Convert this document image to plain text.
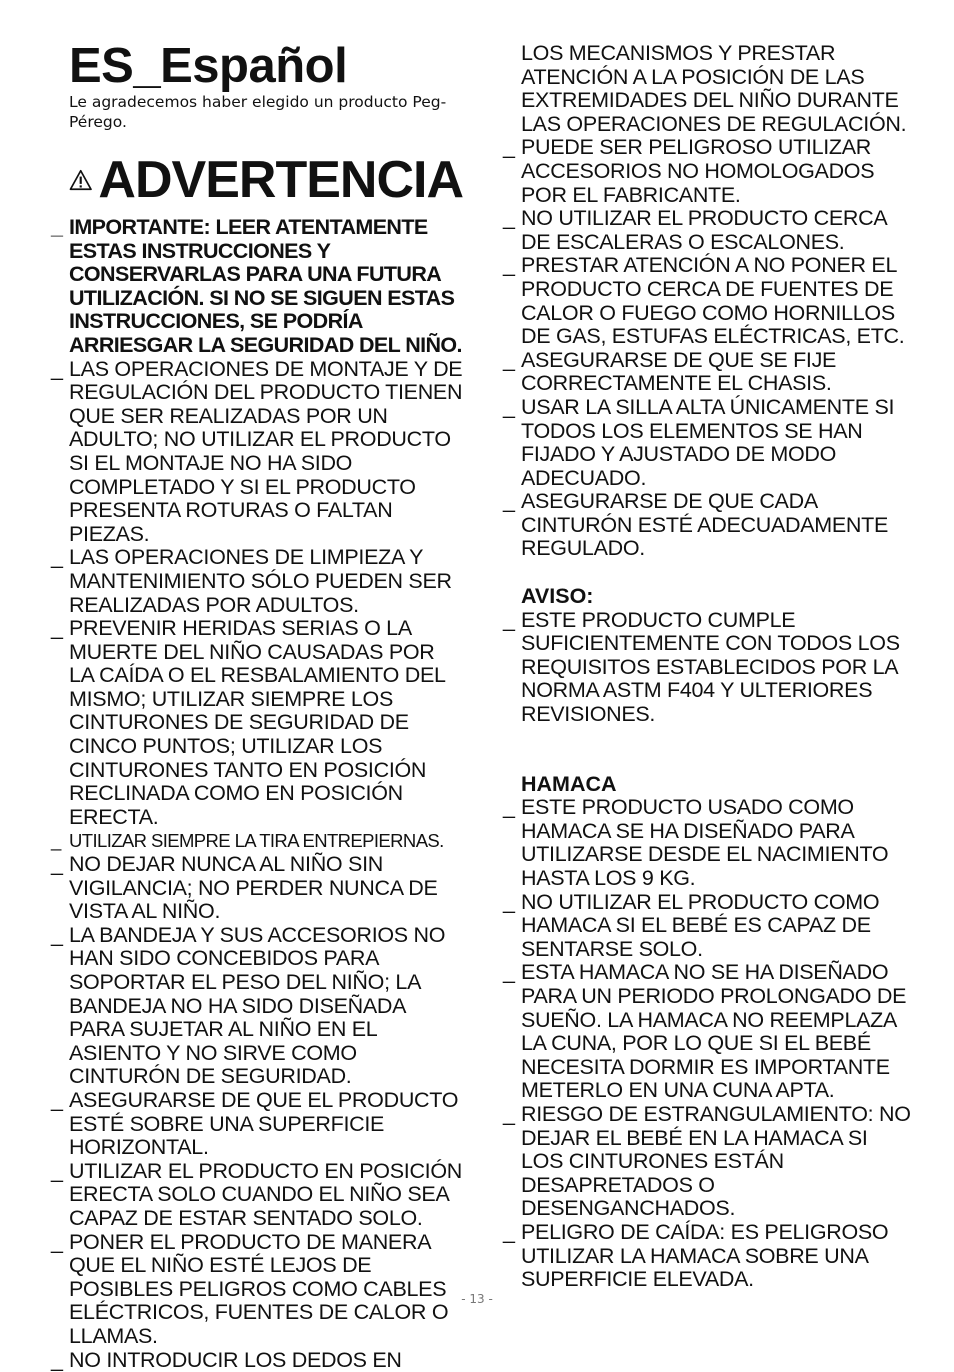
ES_Español

Le agradecemos haber elegido un producto Peg-Pérego.

ADVERTENCIA
_ IMPORTANTE: LEER ATENTAMENTE ESTAS INSTRUCCIONES Y CONSERVARLAS PARA UNA FUTURA UTILIZACIÓN. SI NO SE SIGUEN ESTAS INSTRUCCIONES, SE PODRÍA ARRIESGAR LA SEGURIDAD DEL NIÑO.
_ LAS OPERACIONES DE MONTAJE Y DE REGULACIÓN DEL PRODUCTO TIENEN QUE SER REALIZADAS POR UN ADULTO; NO UTILIZAR EL PRODUCTO SI EL MONTAJE NO HA SIDO COMPLETADO Y SI EL PRODUCTO PRESENTA ROTURAS O FALTAN PIEZAS.
_ LAS OPERACIONES DE LIMPIEZA Y MANTENIMIENTO SÓLO PUEDEN SER REALIZADAS POR ADULTOS.
_ PREVENIR HERIDAS SERIAS O LA MUERTE DEL NIÑO CAUSADAS POR LA CAÍDA O EL RESBALAMIENTO DEL MISMO; UTILIZAR SIEMPRE LOS CINTURONES DE SEGURIDAD DE CINCO PUNTOS; UTILIZAR LOS CINTURONES TANTO EN POSICIÓN RECLINADA COMO EN POSICIÓN ERECTA.
_ UTILIZAR SIEMPRE LA TIRA ENTREPIERNAS.
_ NO DEJAR NUNCA AL NIÑO SIN VIGILANCIA; NO PERDER NUNCA DE VISTA AL NIÑO.
_ LA BANDEJA Y SUS ACCESORIOS NO HAN SIDO CONCEBIDOS PARA SOPORTAR EL PESO DEL NIÑO; LA BANDEJA NO HA SIDO DISEÑADA PARA SUJETAR AL NIÑO EN EL ASIENTO Y NO SIRVE COMO CINTURÓN DE SEGURIDAD.
_ ASEGURARSE DE QUE EL PRODUCTO ESTÉ SOBRE UNA SUPERFICIE HORIZONTAL.
_ UTILIZAR EL PRODUCTO EN POSICIÓN ERECTA SOLO CUANDO EL NIÑO SEA CAPAZ DE ESTAR SENTADO SOLO.
_ PONER EL PRODUCTO DE MANERA QUE EL NIÑO ESTÉ LEJOS DE POSIBLES PELIGROS COMO CABLES ELÉCTRICOS, FUENTES DE CALOR O LLAMAS.
_ NO INTRODUCIR LOS DEDOS EN
LOS MECANISMOS Y PRESTAR ATENCIÓN A LA POSICIÓN DE LAS EXTREMIDADES DEL NIÑO DURANTE LAS OPERACIONES DE REGULACIÓN.
_ PUEDE SER PELIGROSO UTILIZAR ACCESORIOS NO HOMOLOGADOS POR EL FABRICANTE.
_ NO UTILIZAR EL PRODUCTO CERCA DE ESCALERAS O ESCALONES.
_ PRESTAR ATENCIÓN A NO PONER EL PRODUCTO CERCA DE FUENTES DE CALOR O FUEGO COMO HORNILLOS DE GAS, ESTUFAS ELÉCTRICAS, ETC.
_ ASEGURARSE DE QUE SE FIJE CORRECTAMENTE EL CHASIS.
_ USAR LA SILLA ALTA ÚNICAMENTE SI TODOS LOS ELEMENTOS SE HAN FIJADO Y AJUSTADO DE MODO ADECUADO.
_ ASEGURARSE DE QUE CADA CINTURÓN ESTÉ ADECUADAMENTE REGULADO.
AVISO:
_ ESTE PRODUCTO CUMPLE SUFICIENTEMENTE CON TODOS LOS REQUISITOS ESTABLECIDOS POR LA NORMA ASTM F404 Y ULTERIORES REVISIONES.
HAMACA
_ ESTE PRODUCTO USADO COMO HAMACA SE HA DISEÑADO PARA UTILIZARSE DESDE EL NACIMIENTO HASTA LOS 9 KG.
_ NO UTILIZAR EL PRODUCTO COMO HAMACA SI EL BEBÉ ES CAPAZ DE SENTARSE SOLO.
_ ESTA HAMACA NO SE HA DISEÑADO PARA UN PERIODO PROLONGADO DE SUEÑO. LA HAMACA NO REEMPLAZA LA CUNA, POR LO QUE SI EL BEBÉ NECESITA DORMIR ES IMPORTANTE METERLO EN UNA CUNA APTA.
_ RIESGO DE ESTRANGULAMIENTO: NO DEJAR EL BEBÉ EN LA HAMACA SI LOS CINTURONES ESTÁN DESAPRETADOS O DESENGANCHADOS.
_ PELIGRO DE CAÍDA: ES PELIGROSO UTILIZAR LA HAMACA SOBRE UNA SUPERFICIE ELEVADA.
- 13 -
